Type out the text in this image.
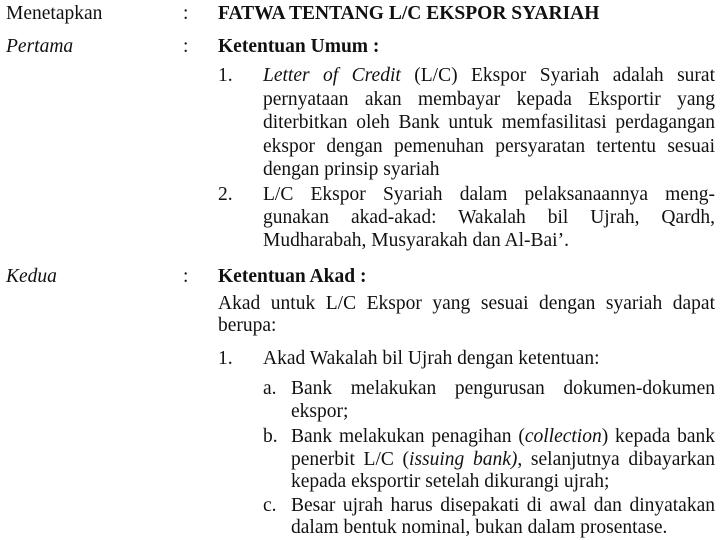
Menetapkan	: FATWA TENTANG L/C EKSPOR SYARIAH
Pertama	: Ketentuan Umum :
1. Letter of Credit (L/C) Ekspor Syariah adalah surat
pernyataan akan membayar kepada Eksportir yang
diterbitkan oleh Bank untuk memfasilitasi perdagangan
ekspor dengan pemenuhan persyaratan tertentu sesuai
dengan prinsip syariah
2. L/C Ekspor Syariah dalam pelaksanaannya meng-
gunakan akad-akad: Wakalah bil Ujrah, Qardh,
Mudharabah, Musyarakah dan Al-Bai’.
Kedua	: Ketentuan Akad :
Akad untuk L/C Ekspor yang sesuai dengan syariah dapat
berupa:
1. Akad Wakalah bil Ujrah dengan ketentuan:
a. Bank melakukan pengurusan dokumen-dokumen
ekspor;
b. Bank melakukan penagihan (collection) kepada bank
penerbit L/C (issuing bank), selanjutnya dibayarkan
kepada eksportir setelah dikurangi ujrah;
c. Besar ujrah harus disepakati di awal dan dinyatakan
dalam bentuk nominal, bukan dalam prosentase.
